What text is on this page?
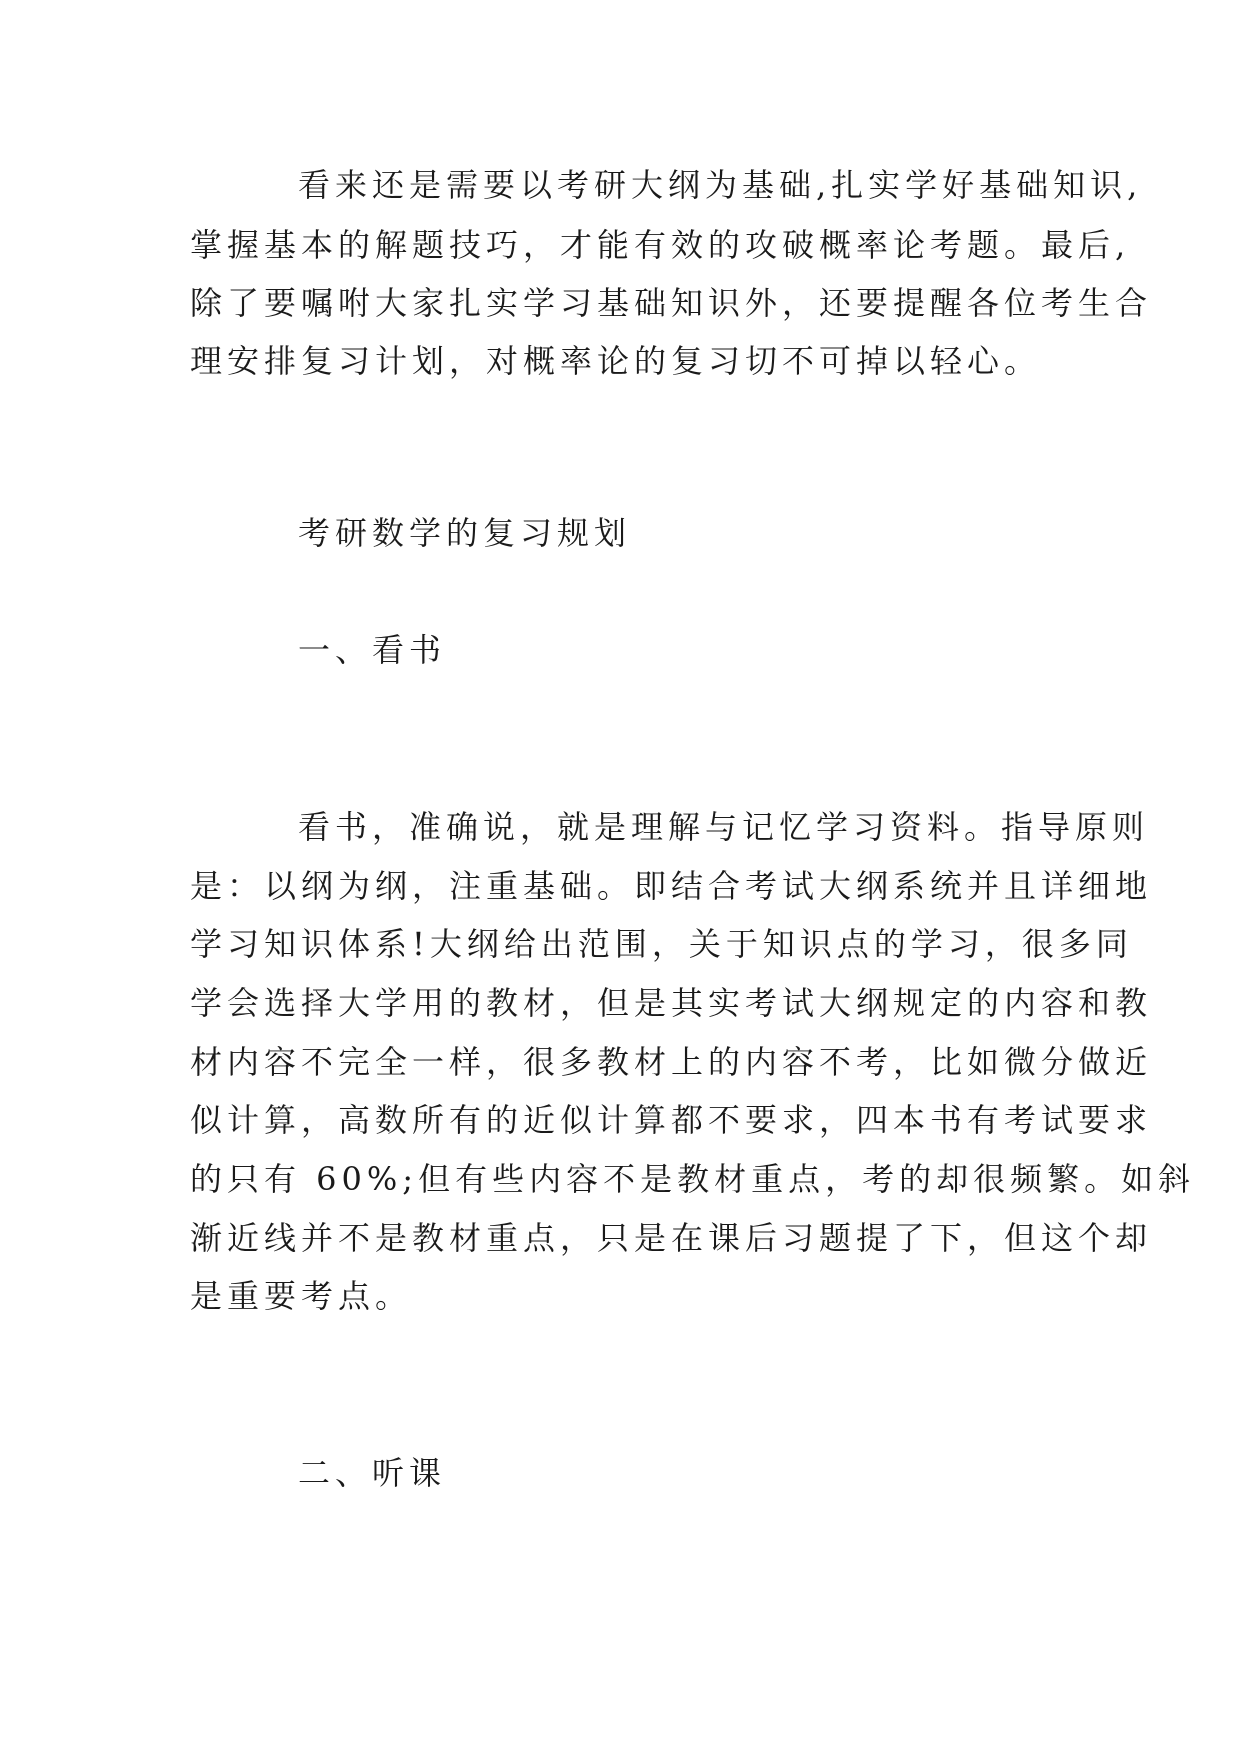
看来还是需要以考研大纲为基础,扎实学好基础知识,
掌握基本的解题技巧，才能有效的攻破概率论考题。最后,
除了要嘱咐大家扎实学习基础知识外，还要提醒各位考生合
理安排复习计划，对概率论的复习切不可掉以轻心。
考研数学的复习规划
一、看书
看书，准确说，就是理解与记忆学习资料。指导原则
是：以纲为纲，注重基础。即结合考试大纲系统并且详细地
学习知识体系!大纲给出范围，关于知识点的学习，很多同
学会选择大学用的教材，但是其实考试大纲规定的内容和教
材内容不完全一样，很多教材上的内容不考，比如微分做近
似计算，高数所有的近似计算都不要求，四本书有考试要求
的只有 60%;但有些内容不是教材重点，考的却很频繁。如斜
渐近线并不是教材重点，只是在课后习题提了下，但这个却
是重要考点。
二、听课
